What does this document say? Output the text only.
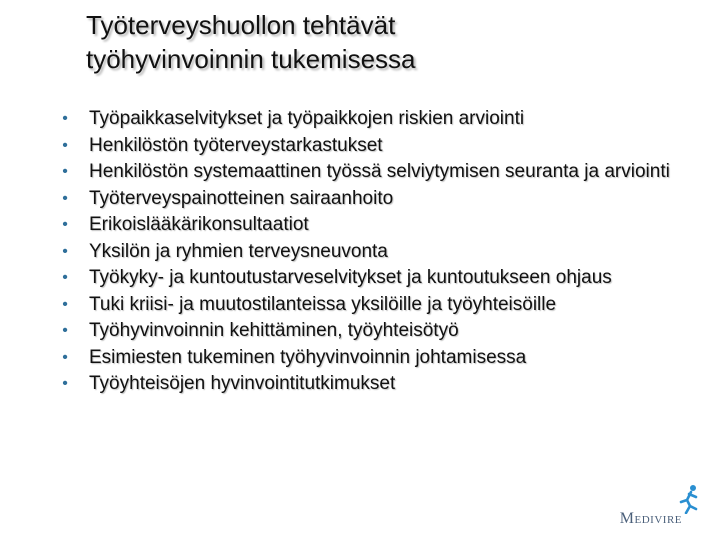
Työterveyshuollon tehtävät
työhyvinvoinnin tukemisessa
• Työpaikkaselvitykset ja työpaikkojen riskien arviointi
• Henkilöstön työterveystarkastukset
• Henkilöstön systemaattinen työssä selviytymisen seuranta ja arviointi
• Työterveyspainotteinen sairaanhoito
• Erikoislääkärikonsultaatiot
• Yksilön ja ryhmien terveysneuvonta
• Työkyky- ja kuntoutustarveselvitykset ja kuntoutukseen ohjaus
• Tuki kriisi- ja muutostilanteissa yksilöille ja työyhteisöille
• Työhyvinvoinnin kehittäminen, työyhteisötyö
• Esimiesten tukeminen työhyvinvoinnin johtamisessa
• Työyhteisöjen hyvinvointitutkimukset
Medivire
